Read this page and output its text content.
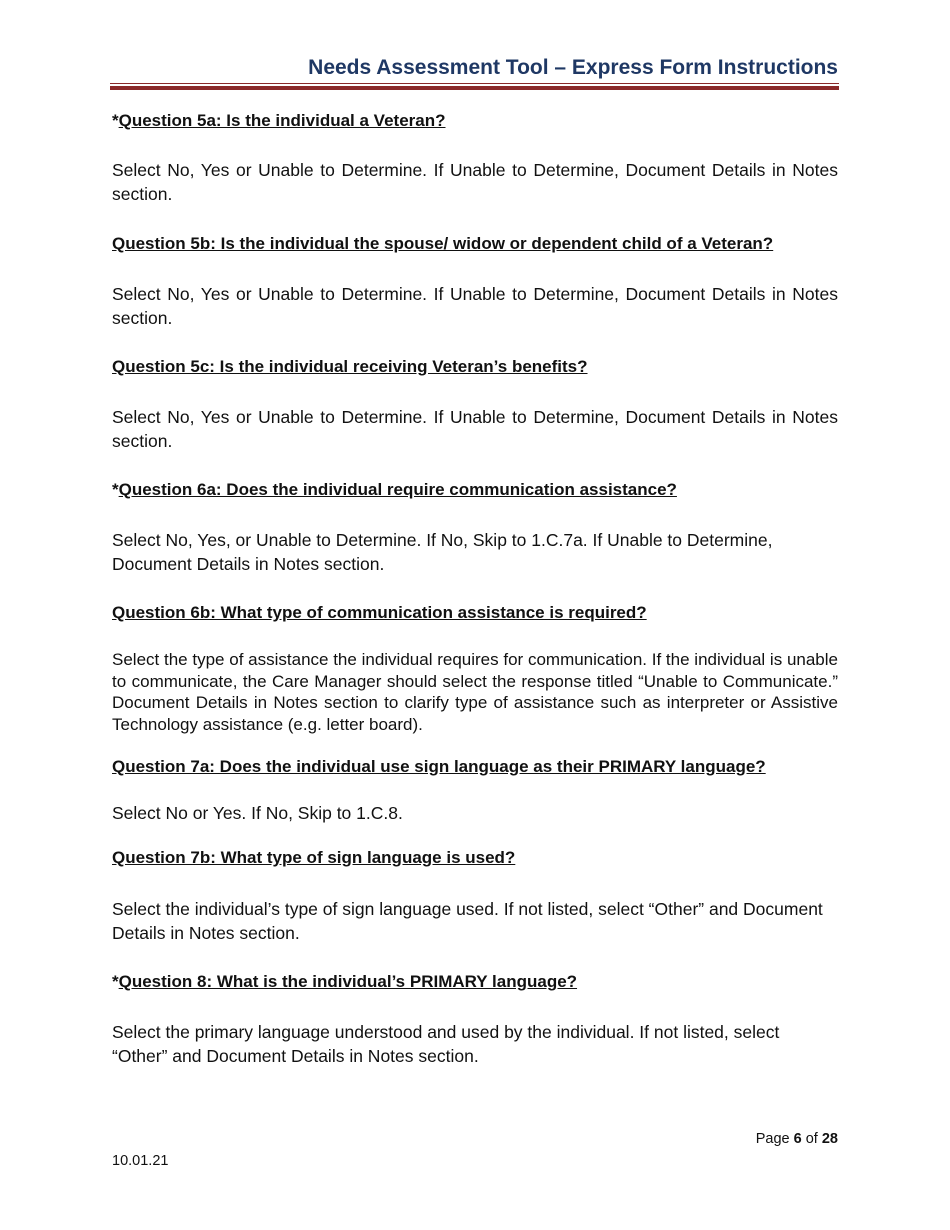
Needs Assessment Tool – Express Form Instructions
*Question 5a: Is the individual a Veteran?
Select No, Yes or Unable to Determine. If Unable to Determine, Document Details in Notes section.
Question 5b: Is the individual the spouse/ widow or dependent child of a Veteran?
Select No, Yes or Unable to Determine. If Unable to Determine, Document Details in Notes section.
Question 5c: Is the individual receiving Veteran’s benefits?
Select No, Yes or Unable to Determine. If Unable to Determine, Document Details in Notes section.
*Question 6a: Does the individual require communication assistance?
Select No, Yes, or Unable to Determine. If No, Skip to 1.C.7a. If Unable to Determine, Document Details in Notes section.
Question 6b: What type of communication assistance is required?
Select the type of assistance the individual requires for communication. If the individual is unable to communicate, the Care Manager should select the response titled “Unable to Communicate.” Document Details in Notes section to clarify type of assistance such as interpreter or Assistive Technology assistance (e.g. letter board).
Question 7a: Does the individual use sign language as their PRIMARY language?
Select No or Yes. If No, Skip to 1.C.8.
Question 7b: What type of sign language is used?
Select the individual’s type of sign language used. If not listed, select “Other” and Document Details in Notes section.
*Question 8: What is the individual’s PRIMARY language?
Select the primary language understood and used by the individual. If not listed, select “Other” and Document Details in Notes section.
Page 6 of 28
10.01.21
